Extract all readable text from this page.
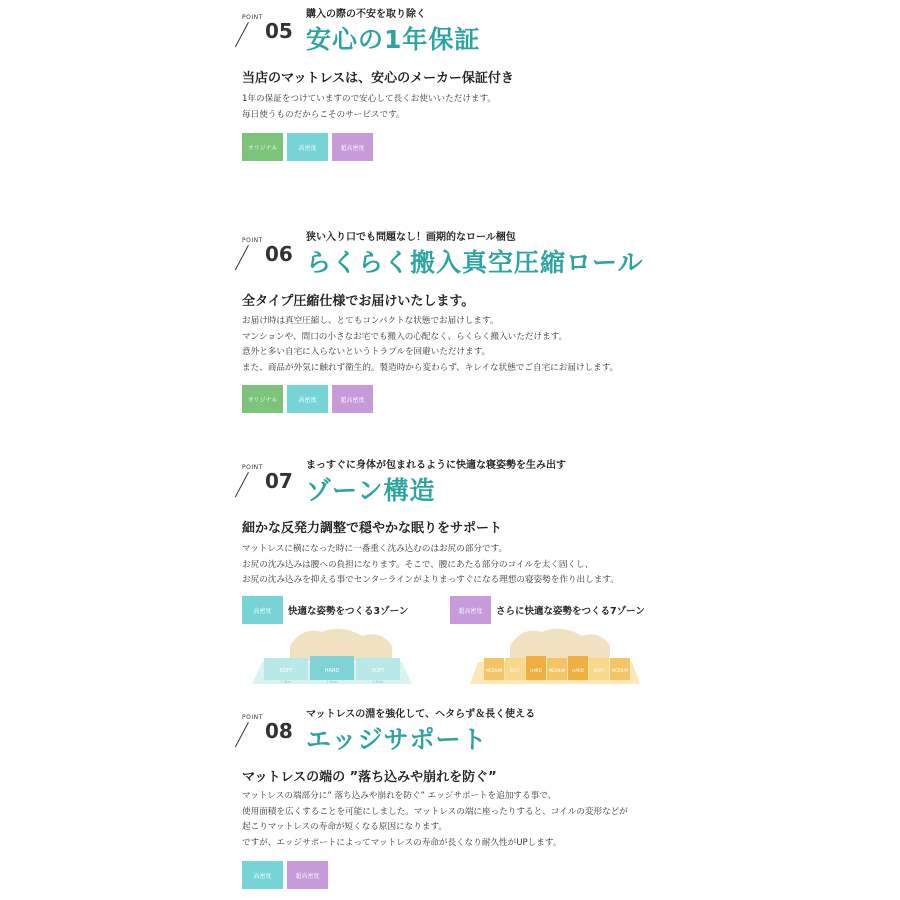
POINT
05
購入の際の不安を取り除く
安心の1年保証
当店のマットレスは、安心のメーカー保証付き
1年の保証をつけていますので安心して長くお使いいただけます。
毎日使うものだからこそのサービスです。
オリジナル	高密度	超高密度
POINT
06
狭い入り口でも問題なし！画期的なロール梱包
らくらく搬入真空圧縮ロール
全タイプ圧縮仕様でお届けいたします。
お届け時は真空圧縮し、とてもコンパクトな状態でお届けします。
マンションや、間口の小さなお宅でも搬入の心配なく、らくらく搬入いただけます。
意外と多い自宅に入らないというトラブルを回避いただけます。
また、商品が外気に触れず衛生的。製造時から変わらず、キレイな状態でご自宅にお届けします。
オリジナル	高密度	超高密度
POINT
07
まっすぐに身体が包まれるように快適な寝姿勢を生み出す
ゾーン構造
細かな反発力調整で穏やかな眠りをサポート
マットレスに横になった時に一番重く沈み込むのはお尻の部分です。
お尻の沈み込みは腰への負担になります。そこで、腰にあたる部分のコイルを太く固くし、
お尻の沈み込みを抑える事でセンターラインがよりまっすぐになる理想の寝姿勢を作り出します。
高密度	快適な姿勢をつくる3ゾーン
SOFT	HARD	SOFT
2.5cm	2.0cm	2.5cm
超高密度	さらに快適な姿勢をつくる7ゾーン
MEDIUM SOFT	HARD MEDIUM HARD	SOFT MEDIUM
POINT
08
マットレスの淵を強化して、ヘタらず＆長く使える
エッジサポート
マットレスの端の ”落ち込みや崩れを防ぐ”
マットレスの端部分に” 落ち込みや崩れを防ぐ” エッジサポートを追加する事で、
使用面積を広くすることを可能にしました。マットレスの端に座ったりすると、コイルの変形などが
起こりマットレスの寿命が短くなる原因になります。
ですが、エッジサポートによってマットレスの寿命が長くなり耐久性がUPします。
高密度	超高密度
